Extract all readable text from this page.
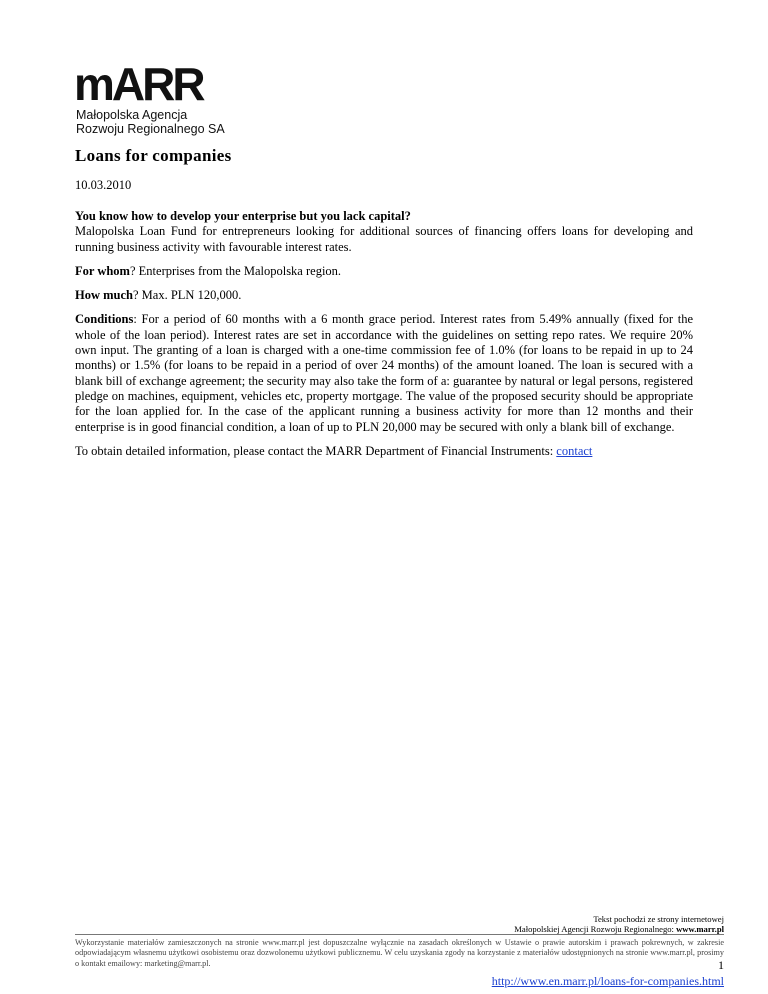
mARR
Małopolska Agencja
Rozwoju Regionalnego SA
Loans for companies
10.03.2010

You know how to develop your enterprise but you lack capital?

Malopolska Loan Fund for entrepreneurs looking for additional sources of financing offers loans for developing and running business activity with favourable interest rates.

For whom? Enterprises from the Malopolska region.

How much? Max. PLN 120,000.

Conditions: For a period of 60 months with a 6 month grace period. Interest rates from 5.49% annually (fixed for the whole of the loan period). Interest rates are set in accordance with the guidelines on setting repo rates. We require 20% own input. The granting of a loan is charged with a one-time commission fee of 1.0% (for loans to be repaid in up to 24 months) or 1.5% (for loans to be repaid in a period of over 24 months) of the amount loaned. The loan is secured with a blank bill of exchange agreement; the security may also take the form of a: guarantee by natural or legal persons, registered pledge on machines, equipment, vehicles etc, property mortgage. The value of the proposed security should be appropriate for the loan applied for. In the case of the applicant running a business activity for more than 12 months and their enterprise is in good financial condition, a loan of up to PLN 20,000 may be secured with only a blank bill of exchange.

To obtain detailed information, please contact the MARR Department of Financial Instruments: contact

Tekst pochodzi ze strony internetowej
Małopolskiej Agencji Rozwoju Regionalnego: www.marr.pl
Wykorzystanie materiałów zamieszczonych na stronie www.marr.pl jest dopuszczalne wyłącznie na zasadach określonych w Ustawie o prawie autorskim i prawach pokrewnych, w zakresie odpowiadającym własnemu użytkowi osobistemu oraz dozwolonemu użytkowi publicznemu. W celu uzyskania zgody na korzystanie z materiałów udostępnionych na stronie www.marr.pl, prosimy o kontakt emailowy: marketing@marr.pl.	1
http://www.en.marr.pl/loans-for-companies.html
